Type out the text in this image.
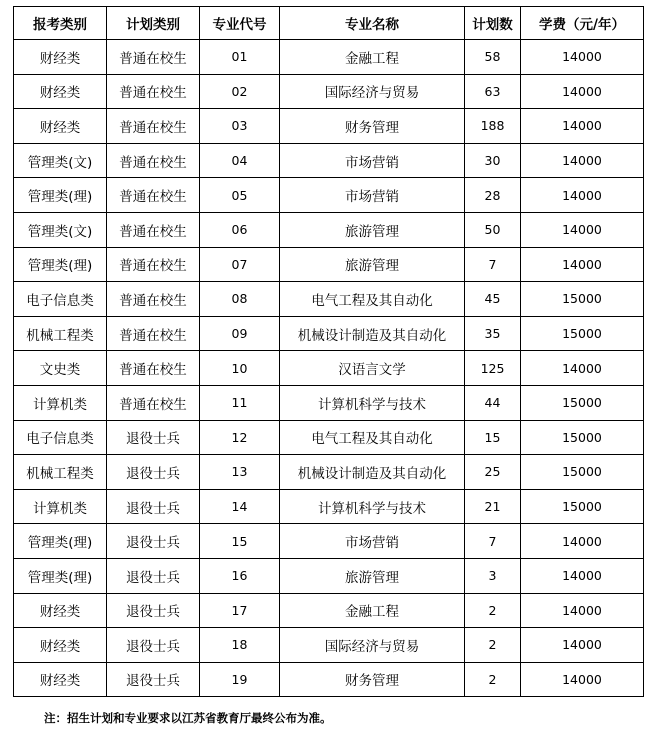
报考类别	计划类别	专业代号	专业名称	计划数	学费（元/年）
财经类	普通在校生	01	金融工程	58	14000
财经类	普通在校生	02	国际经济与贸易	63	14000
财经类	普通在校生	03	财务管理	188	14000
管理类(文)	普通在校生	04	市场营销	30	14000
管理类(理)	普通在校生	05	市场营销	28	14000
管理类(文)	普通在校生	06	旅游管理	50	14000
管理类(理)	普通在校生	07	旅游管理	7	14000
电子信息类	普通在校生	08	电气工程及其自动化	45	15000
机械工程类	普通在校生	09	机械设计制造及其自动化	35	15000
文史类	普通在校生	10	汉语言文学	125	14000
计算机类	普通在校生	11	计算机科学与技术	44	15000
电子信息类	退役士兵	12	电气工程及其自动化	15	15000
机械工程类	退役士兵	13	机械设计制造及其自动化	25	15000
计算机类	退役士兵	14	计算机科学与技术	21	15000
管理类(理)	退役士兵	15	市场营销	7	14000
管理类(理)	退役士兵	16	旅游管理	3	14000
财经类	退役士兵	17	金融工程	2	14000
财经类	退役士兵	18	国际经济与贸易	2	14000
财经类	退役士兵	19	财务管理	2	14000
注：招生计划和专业要求以江苏省教育厅最终公布为准。
